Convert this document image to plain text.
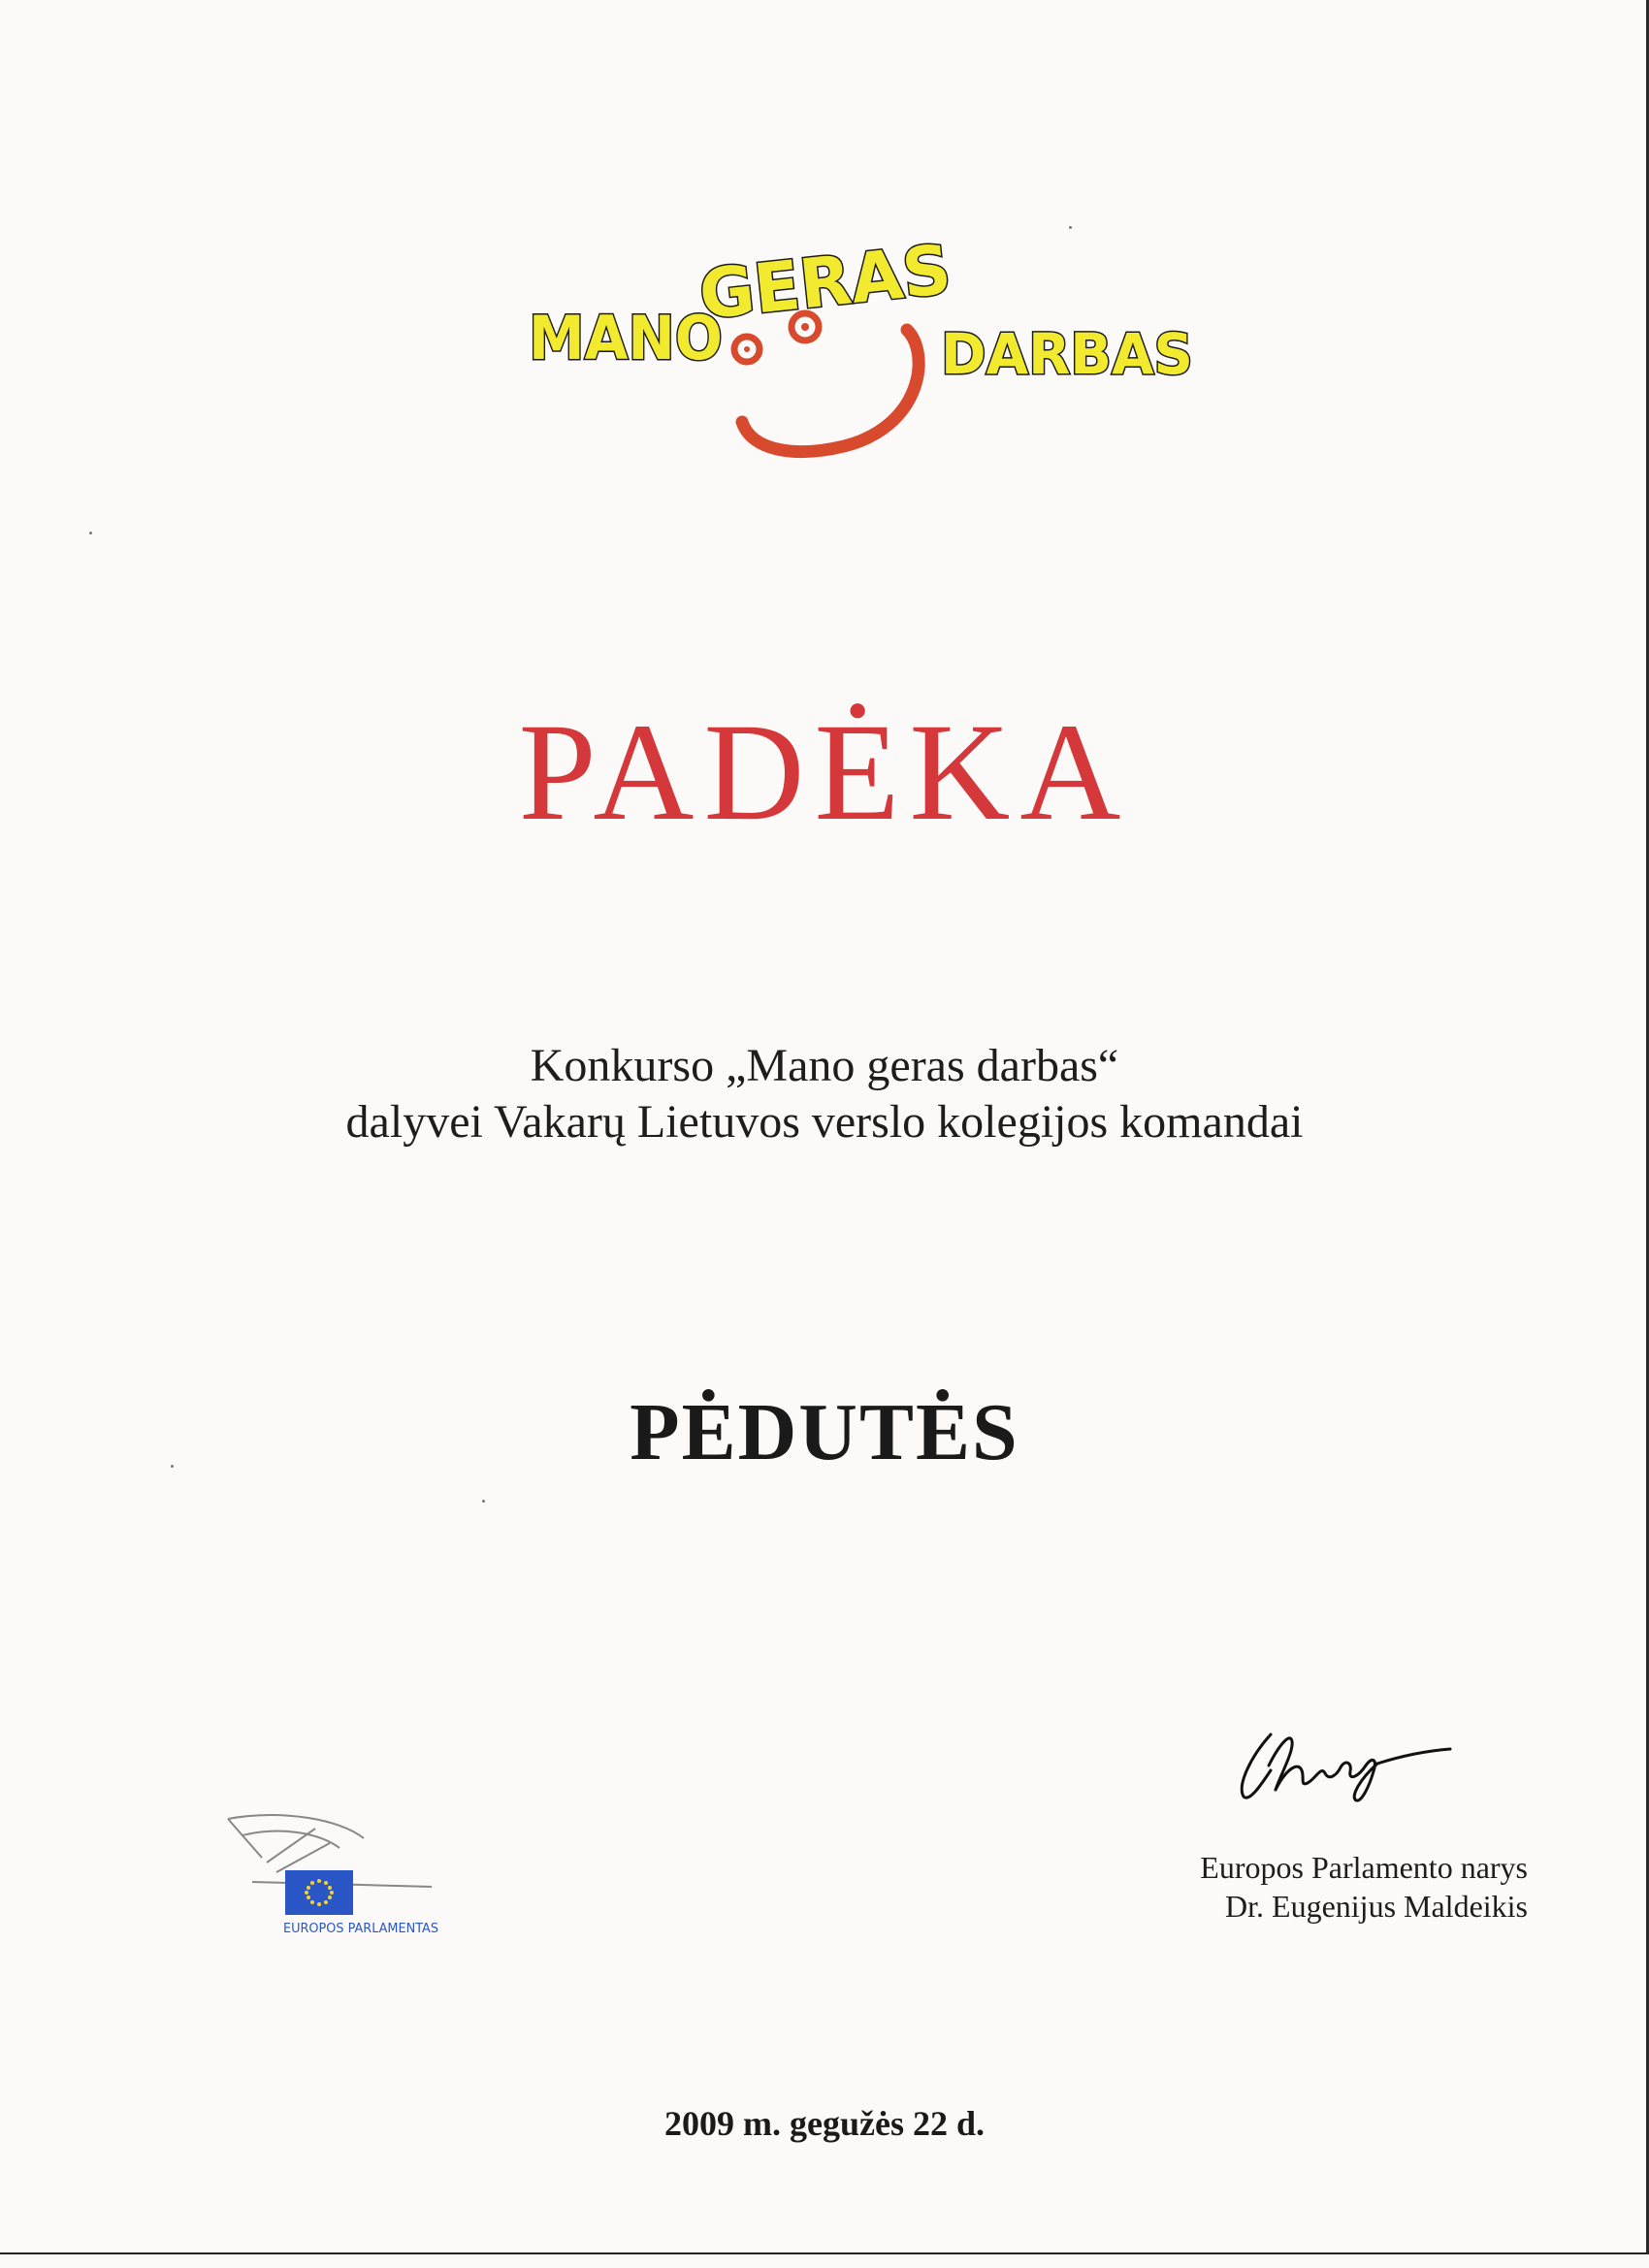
MANO
GERAS
DARBAS
PADĖKA
Konkurso „Mano geras darbas“
dalyvei Vakarų Lietuvos verslo kolegijos komandai
PĖDUTĖS
Europos Parlamento narys
Dr. Eugenijus Maldeikis
EUROPOS PARLAMENTAS
2009 m. gegužės 22 d.
